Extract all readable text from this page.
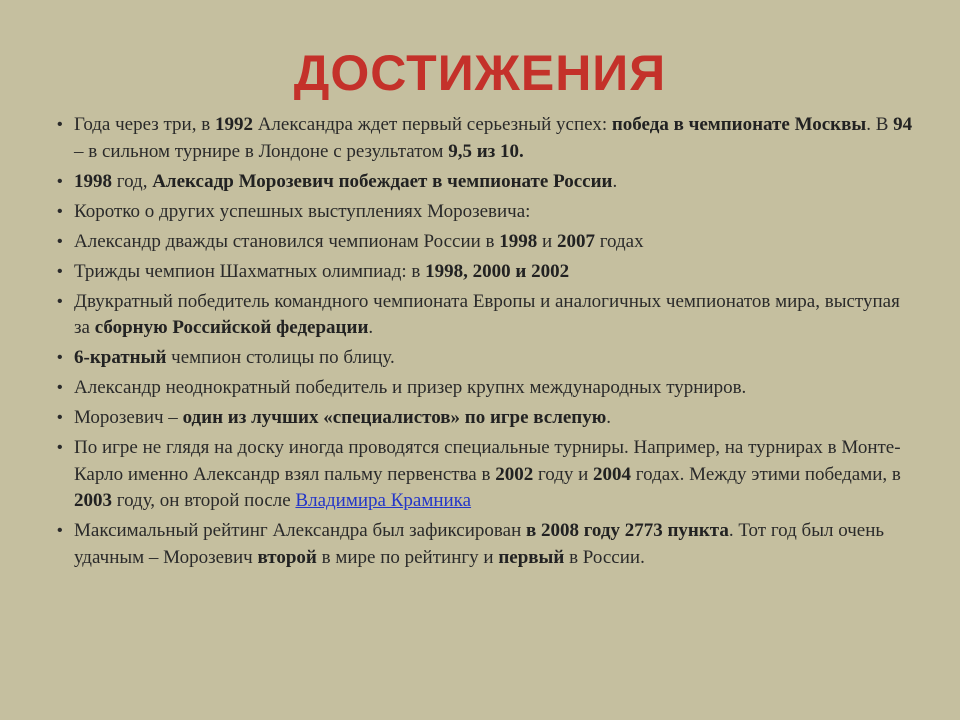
ДОСТИЖЕНИЯ
• Года через три, в 1992 Александра ждет первый серьезный успех: победа в чемпионате Москвы. В 94 – в сильном турнире в Лондоне с результатом 9,5 из 10.
• 1998 год, Алексадр Морозевич побеждает в чемпионате России.
• Коротко о других успешных выступлениях Морозевича:
• Александр дважды становился чемпионам России в 1998 и 2007 годах
• Трижды чемпион Шахматных олимпиад: в 1998, 2000 и 2002
• Двукратный победитель командного чемпионата Европы и аналогичных чемпионатов мира, выступая за сборную Российской федерации.
• 6-кратный чемпион столицы по блицу.
• Александр неоднократный победитель и призер крупнх международных турниров.
• Морозевич – один из лучших «специалистов» по игре вслепую.
• По игре не глядя на доску иногда проводятся специальные турниры. Например, на турнирах в Монте-Карло именно Александр взял пальму первенства в 2002 году и 2004 годах. Между этими победами, в 2003 году, он второй после Владимира Крамника
• Максимальный рейтинг Александра был зафиксирован в 2008 году 2773 пункта. Тот год был очень удачным – Морозевич второй в мире по рейтингу и первый в России.
